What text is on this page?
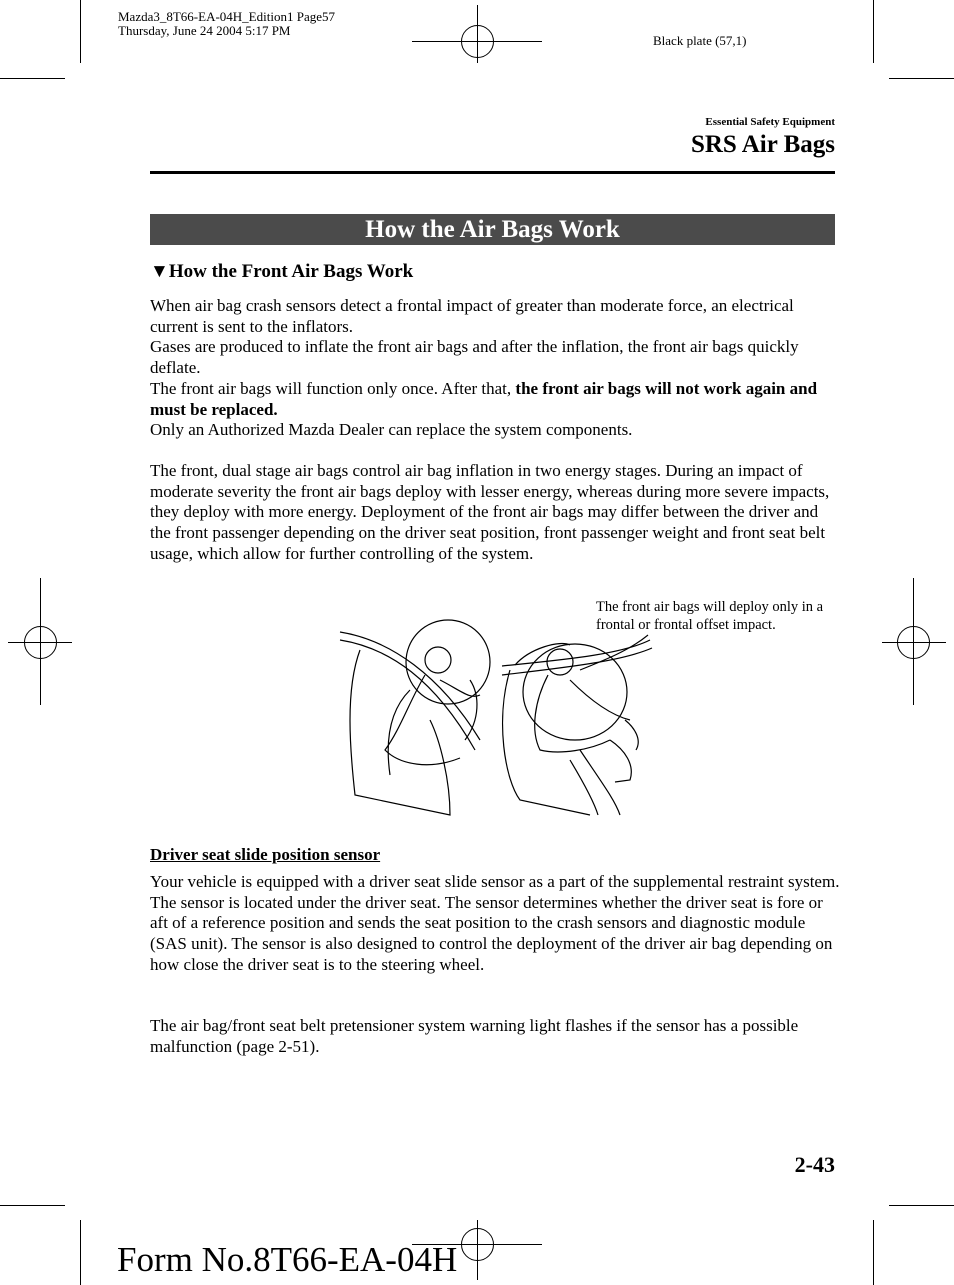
Mazda3_8T66-EA-04H_Edition1 Page57
Thursday, June 24 2004 5:17 PM
Black plate (57,1)
Essential Safety Equipment
SRS Air Bags
How the Air Bags Work
▼How the Front Air Bags Work
When air bag crash sensors detect a frontal impact of greater than moderate force, an electrical current is sent to the inflators.
Gases are produced to inflate the front air bags and after the inflation, the front air bags quickly deflate.
The front air bags will function only once. After that, the front air bags will not work again and must be replaced.
Only an Authorized Mazda Dealer can replace the system components.
The front, dual stage air bags control air bag inflation in two energy stages. During an impact of moderate severity the front air bags deploy with lesser energy, whereas during more severe impacts, they deploy with more energy. Deployment of the front air bags may differ between the driver and the front passenger depending on the driver seat position, front passenger weight and front seat belt usage, which allow for further controlling of the system.
The front air bags will deploy only in a frontal or frontal offset impact.
Driver seat slide position sensor
Your vehicle is equipped with a driver seat slide sensor as a part of the supplemental restraint system. The sensor is located under the driver seat. The sensor determines whether the driver seat is fore or aft of a reference position and sends the seat position to the crash sensors and diagnostic module (SAS unit). The sensor is also designed to control the deployment of the driver air bag depending on how close the driver seat is to the steering wheel.
The air bag/front seat belt pretensioner system warning light flashes if the sensor has a possible malfunction (page 2-51).
2-43
Form No.8T66-EA-04H
